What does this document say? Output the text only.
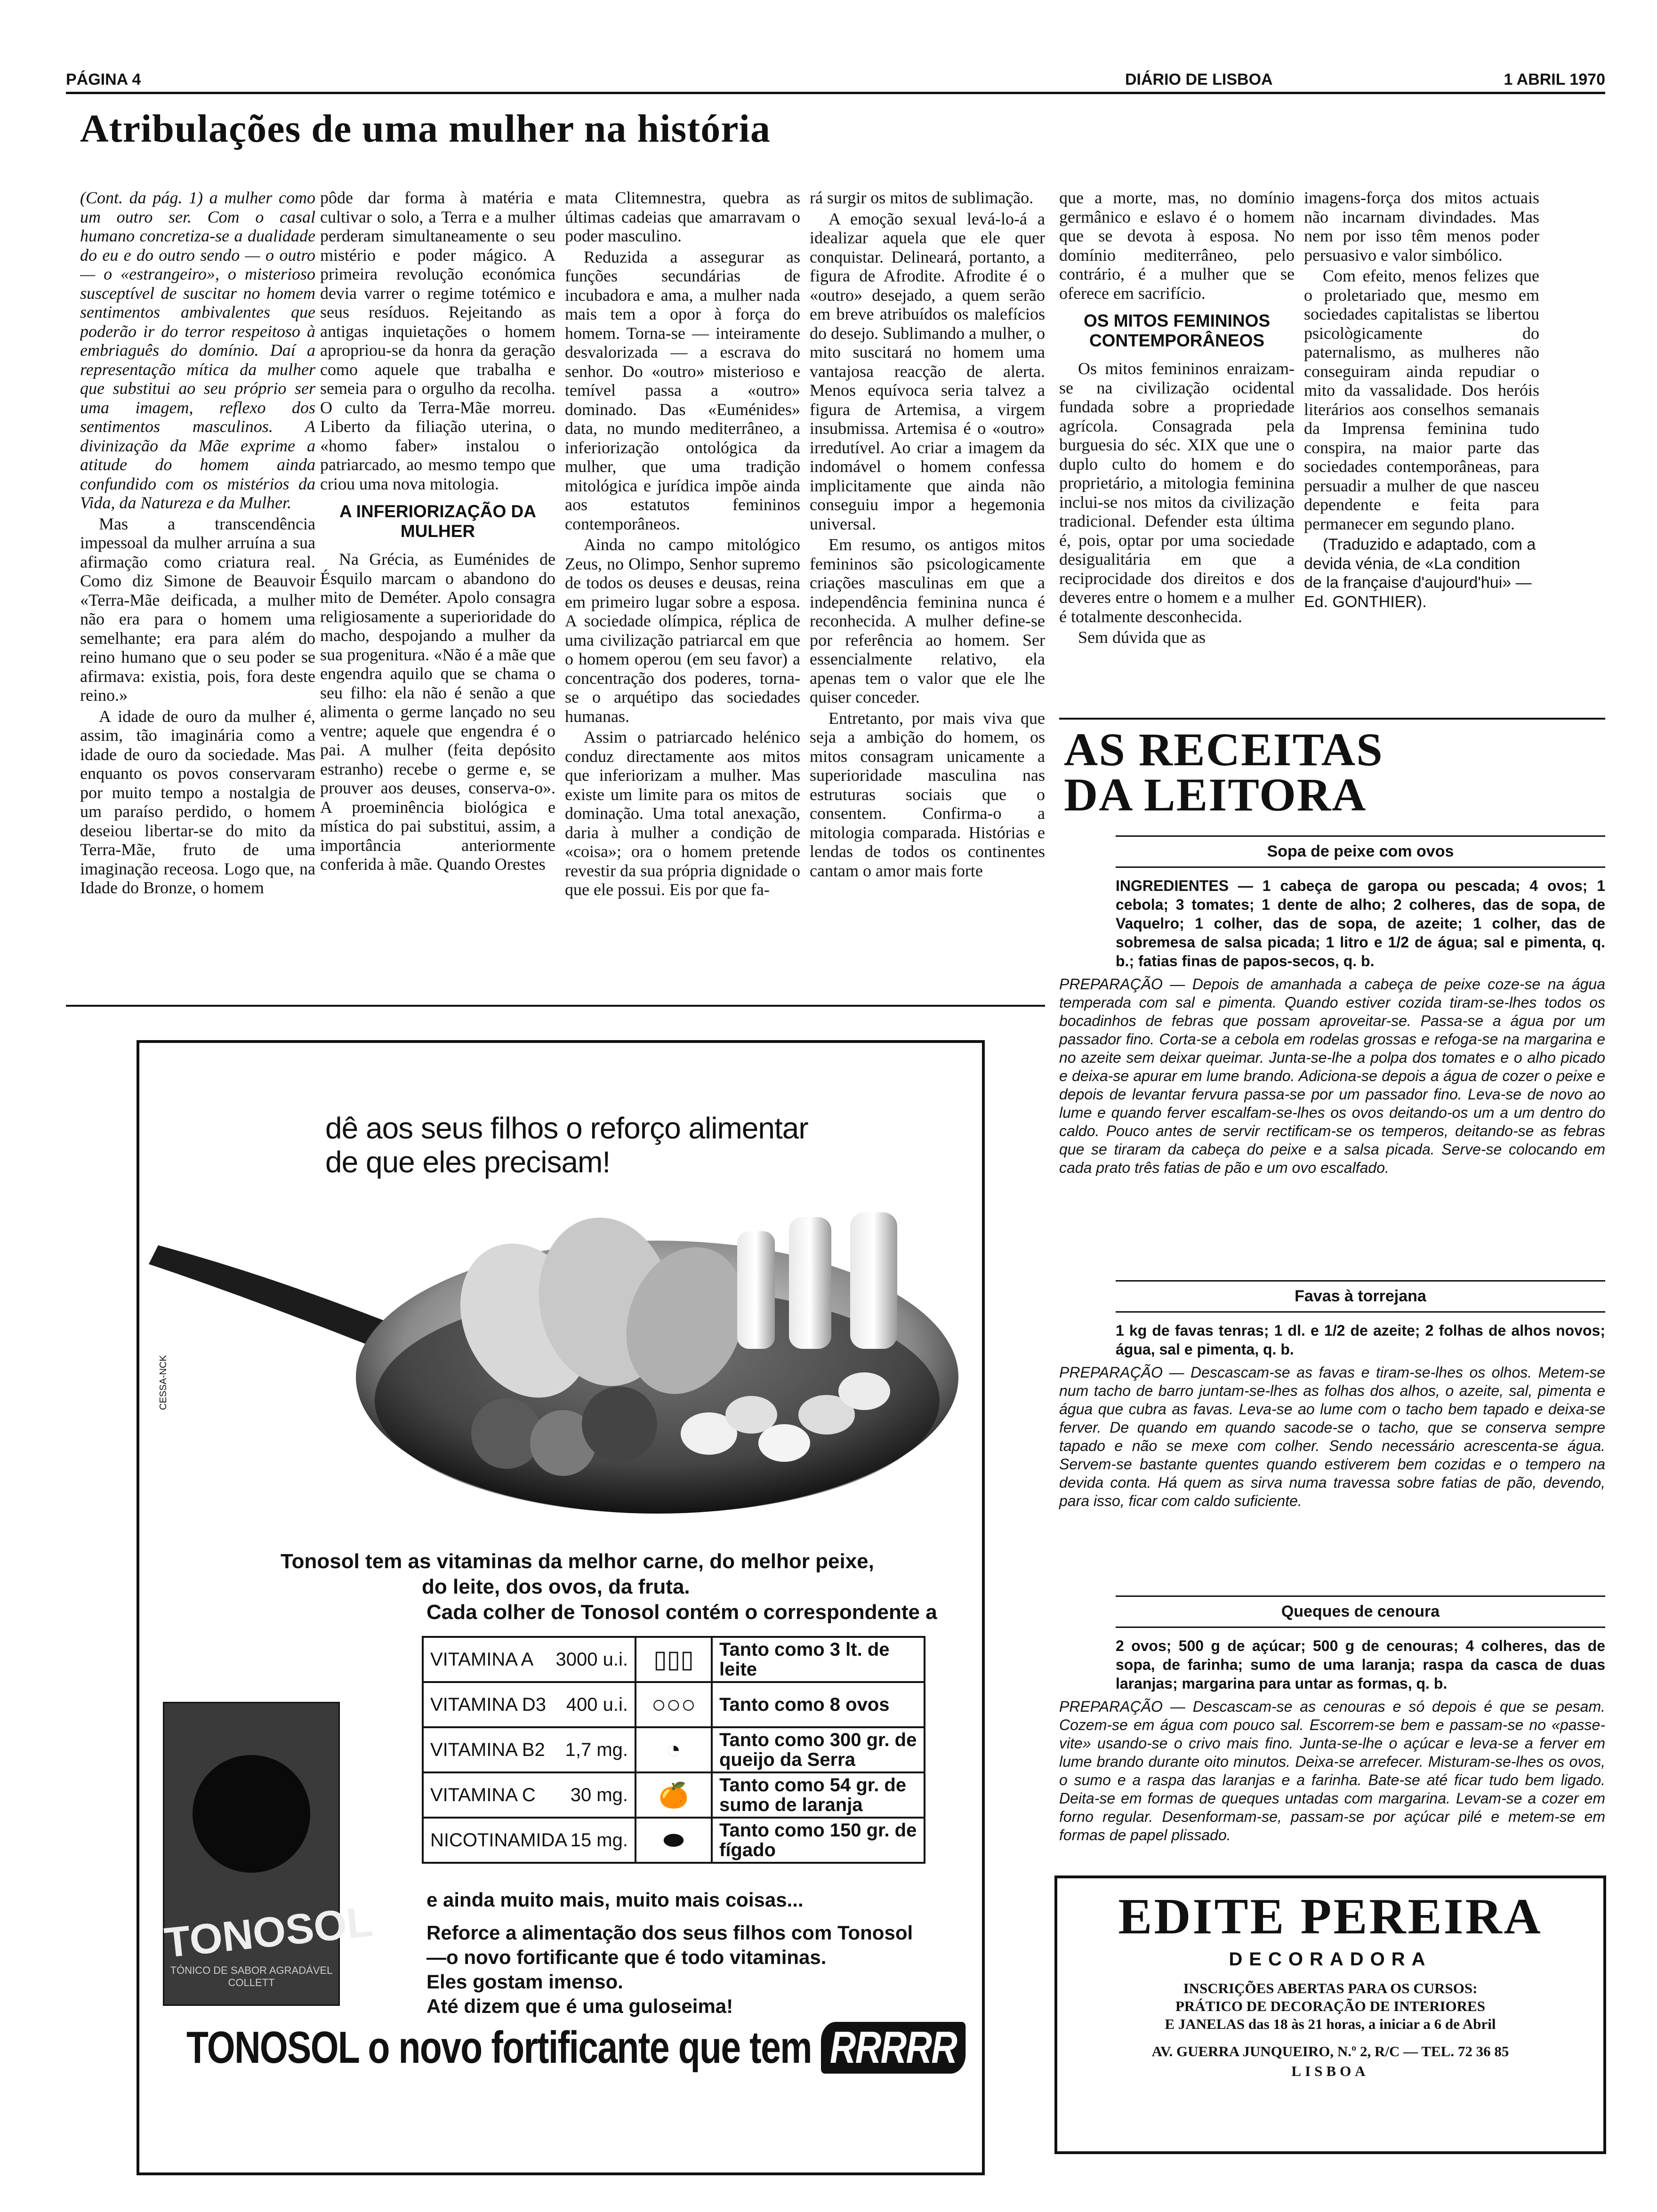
PÁGINA 4	DIÁRIO DE LISBOA	1 ABRIL 1970
Atribulações de uma mulher na história

(Cont. da pág. 1) a mulher como um outro ser. Com o casal humano concretiza-se a dualidade do eu e do outro sendo — o outro — o «estrangeiro», o misterioso susceptível de suscitar no homem sentimentos ambivalentes que poderão ir do terror respeitoso à embriaguês do domínio. Daí a representação mítica da mulher que substitui ao seu próprio ser uma imagem, reflexo dos sentimentos masculinos. A divinização da Mãe exprime a atitude do homem ainda confundido com os mistérios da Vida, da Natureza e da Mulher.

Mas a transcendência impessoal da mulher arruína a sua afirmação como criatura real. Como diz Simone de Beauvoir «Terra-Mãe deificada, a mulher não era para o homem uma semelhante; era para além do reino humano que o seu poder se afirmava: existia, pois, fora deste reino.»

A idade de ouro da mulher é, assim, tão imaginária como a idade de ouro da sociedade. Mas enquanto os povos conservaram por muito tempo a nostalgia de um paraíso perdido, o homem deseiou libertar-se do mito da Terra-Mãe, fruto de uma imaginação receosa. Logo que, na Idade do Bronze, o homem

pôde dar forma à matéria e cultivar o solo, a Terra e a mulher perderam simultaneamente o seu mistério e poder mágico. A primeira revolução económica devia varrer o regime totémico e seus resíduos. Rejeitando as antigas inquietações o homem apropriou-se da honra da geração como aquele que trabalha e semeia para o orgulho da recolha. O culto da Terra-Mãe morreu. Liberto da filiação uterina, o «homo faber» instalou o patriarcado, ao mesmo tempo que criou uma nova mitologia.

A INFERIORIZAÇÃO DA MULHER

Na Grécia, as Euménides de Ésquilo marcam o abandono do mito de Deméter. Apolo consagra religiosamente a superioridade do macho, despojando a mulher da sua progenitura. «Não é a mãe que engendra aquilo que se chama o seu filho: ela não é senão a que alimenta o germe lançado no seu ventre; aquele que engendra é o pai. A mulher (feita depósito estranho) recebe o germe e, se prouver aos deuses, conserva-o». A proeminência biológica e mística do pai substitui, assim, a importância anteriormente conferida à mãe. Quando Orestes

mata Clitemnestra, quebra as últimas cadeias que amarravam o poder masculino.

Reduzida a assegurar as funções secundárias de incubadora e ama, a mulher nada mais tem a opor à força do homem. Torna-se — inteiramente desvalorizada — a escrava do senhor. Do «outro» misterioso e temível passa a «outro» dominado. Das «Euménides» data, no mundo mediterrâneo, a inferiorização ontológica da mulher, que uma tradição mitológica e jurídica impõe ainda aos estatutos femininos contemporâneos.

Ainda no campo mitológico Zeus, no Olimpo, Senhor supremo de todos os deuses e deusas, reina em primeiro lugar sobre a esposa. A sociedade olímpica, réplica de uma civilização patriarcal em que o homem operou (em seu favor) a concentração dos poderes, torna-se o arquétipo das sociedades humanas.

Assim o patriarcado helénico conduz directamente aos mitos que inferiorizam a mulher. Mas existe um limite para os mitos de dominação. Uma total anexação, daria à mulher a condição de «coisa»; ora o homem pretende revestir da sua própria dignidade o que ele possui. Eis por que fa-

rá surgir os mitos de sublimação.

A emoção sexual levá-lo-á a idealizar aquela que ele quer conquistar. Delineará, portanto, a figura de Afrodite. Afrodite é o «outro» desejado, a quem serão em breve atribuídos os malefícios do desejo. Sublimando a mulher, o mito suscitará no homem uma vantajosa reacção de alerta. Menos equívoca seria talvez a figura de Artemisa, a virgem insubmissa. Artemisa é o «outro» irredutível. Ao criar a imagem da indomável o homem confessa implicitamente que ainda não conseguiu impor a hegemonia universal.

Em resumo, os antigos mitos femininos são psicologicamente criações masculinas em que a independência feminina nunca é reconhecida. A mulher define-se por referência ao homem. Ser essencialmente relativo, ela apenas tem o valor que ele lhe quiser conceder.

Entretanto, por mais viva que seja a ambição do homem, os mitos consagram unicamente a superioridade masculina nas estruturas sociais que o consentem. Confirma-o a mitologia comparada. Histórias e lendas de todos os continentes cantam o amor mais forte

que a morte, mas, no domínio germânico e eslavo é o homem que se devota à esposa. No domínio mediterrâneo, pelo contrário, é a mulher que se oferece em sacrifício.

OS MITOS FEMININOS CONTEMPORÂNEOS

Os mitos femininos enraizam-se na civilização ocidental fundada sobre a propriedade agrícola. Consagrada pela burguesia do séc. XIX que une o duplo culto do homem e do proprietário, a mitologia feminina inclui-se nos mitos da civilização tradicional. Defender esta última é, pois, optar por uma sociedade desigualitária em que a reciprocidade dos direitos e dos deveres entre o homem e a mulher é totalmente desconhecida.

Sem dúvida que as

imagens-força dos mitos actuais não incarnam divindades. Mas nem por isso têm menos poder persuasivo e valor simbólico.

Com efeito, menos felizes que o proletariado que, mesmo em sociedades capitalistas se libertou psicològicamente do paternalismo, as mulheres não conseguiram ainda repudiar o mito da vassalidade. Dos heróis literários aos conselhos semanais da Imprensa feminina tudo conspira, na maior parte das sociedades contemporâneas, para persuadir a mulher de que nasceu dependente e feita para permanecer em segundo plano.

(Traduzido e adaptado, com a devida vénia, de «La condition de la française d'aujourd'hui» —Ed. GONTHIER).

dê aos seus filhos o reforço alimentar
de que eles precisam!
CESSA-NCK
Tonosol tem as vitaminas da melhor carne, do melhor peixe,
do leite, dos ovos, da fruta.
Cada colher de Tonosol contém o correspondente a
VITAMINA A 3000 u.i.	▯▯▯	Tanto como 3 lt. de leite
VITAMINA D3 400 u.i.	○○○	Tanto como 8 ovos
VITAMINA B2 1,7 mg.	◔	Tanto como 300 gr. de queijo da Serra
VITAMINA C 30 mg.	🍊	Tanto como 54 gr. de sumo de laranja
NICOTINAMIDA 15 mg.	⬬	Tanto como 150 gr. de fígado
TONOSOL
TÓNICO DE SABOR AGRADÁVEL
COLLETT
e ainda muito mais, muito mais coisas...
Reforce a alimentação dos seus filhos com Tonosol
—o novo fortificante que é todo vitaminas.
Eles gostam imenso.
Até dizem que é uma guloseima!
TONOSOL o novo fortificante que tem RRRRR
AS RECEITAS
DA LEITORA
Sopa de peixe com ovos
INGREDIENTES — 1 cabeça de garopa ou pescada; 4 ovos; 1 cebola; 3 tomates; 1 dente de alho; 2 colheres, das de sopa, de Vaquelro; 1 colher, das de sopa, de azeite; 1 colher, das de sobremesa de salsa picada; 1 litro e 1/2 de água; sal e pimenta, q. b.; fatias finas de papos-secos, q. b.
PREPARAÇÃO — Depois de amanhada a cabeça de peixe coze-se na água temperada com sal e pimenta. Quando estiver cozida tiram-se-lhes todos os bocadinhos de febras que possam aproveitar-se. Passa-se a água por um passador fino. Corta-se a cebola em rodelas grossas e refoga-se na margarina e no azeite sem deixar queimar. Junta-se-lhe a polpa dos tomates e o alho picado e deixa-se apurar em lume brando. Adiciona-se depois a água de cozer o peixe e depois de levantar fervura passa-se por um passador fino. Leva-se de novo ao lume e quando ferver escalfam-se-lhes os ovos deitando-os um a um dentro do caldo. Pouco antes de servir rectificam-se os temperos, deitando-se as febras que se tiraram da cabeça do peixe e a salsa picada. Serve-se colocando em cada prato três fatias de pão e um ovo escalfado.
Favas à torrejana
1 kg de favas tenras; 1 dl. e 1/2 de azeite; 2 folhas de alhos novos; água, sal e pimenta, q. b.
PREPARAÇÃO — Descascam-se as favas e tiram-se-lhes os olhos. Metem-se num tacho de barro juntam-se-lhes as folhas dos alhos, o azeite, sal, pimenta e água que cubra as favas. Leva-se ao lume com o tacho bem tapado e deixa-se ferver. De quando em quando sacode-se o tacho, que se conserva sempre tapado e não se mexe com colher. Sendo necessário acrescenta-se água. Servem-se bastante quentes quando estiverem bem cozidas e o tempero na devida conta. Há quem as sirva numa travessa sobre fatias de pão, devendo, para isso, ficar com caldo suficiente.
Queques de cenoura
2 ovos; 500 g de açúcar; 500 g de cenouras; 4 colheres, das de sopa, de farinha; sumo de uma laranja; raspa da casca de duas laranjas; margarina para untar as formas, q. b.
PREPARAÇÃO — Descascam-se as cenouras e só depois é que se pesam. Cozem-se em água com pouco sal. Escorrem-se bem e passam-se no «passe-vite» usando-se o crivo mais fino. Junta-se-lhe o açúcar e leva-se a ferver em lume brando durante oito minutos. Deixa-se arrefecer. Misturam-se-lhes os ovos, o sumo e a raspa das laranjas e a farinha. Bate-se até ficar tudo bem ligado. Deita-se em formas de queques untadas com margarina. Levam-se a cozer em forno regular. Desenformam-se, passam-se por açúcar pilé e metem-se em formas de papel plissado.
EDITE PEREIRA
DECORADORA
INSCRIÇÕES ABERTAS PARA OS CURSOS:
PRÁTICO DE DECORAÇÃO DE INTERIORES
E JANELAS das 18 às 21 horas, a iniciar a 6 de Abril
AV. GUERRA JUNQUEIRO, N.º 2, R/C — TEL. 72 36 85
LISBOA
